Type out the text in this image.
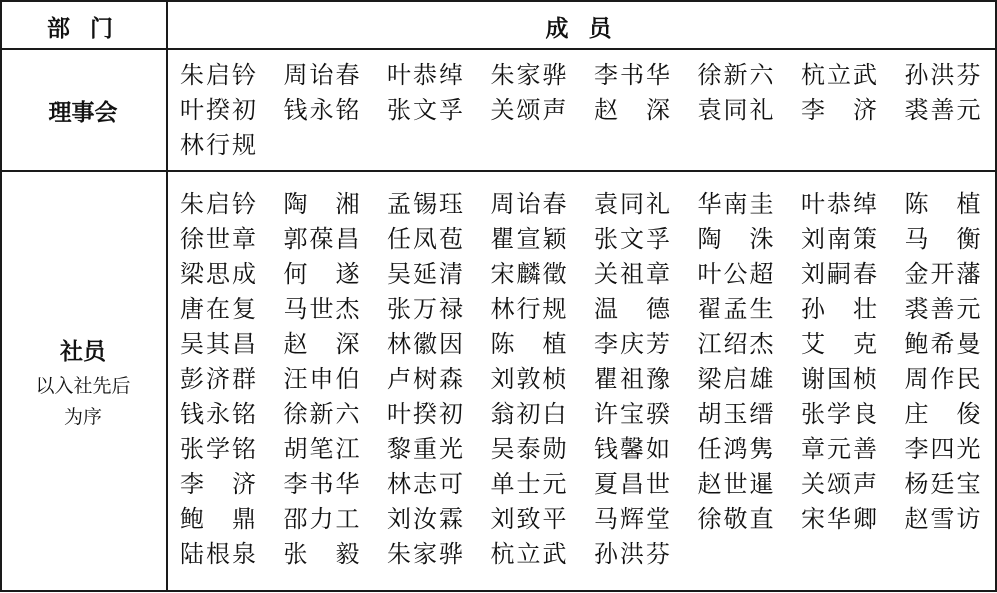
部 门	成 员
理事会
朱启钤 周诒春 叶恭绰 朱家骅 李书华 徐新六 杭立武 孙洪芬
叶揆初 钱永铭 张文孚 关颂声 赵 深 袁同礼 李 济 裘善元
林行规
社员
以入社先后
为序
朱启钤 陶 湘 孟锡珏 周诒春 袁同礼 华南圭 叶恭绰 陈 植
徐世章 郭葆昌 任凤苞 瞿宣颖 张文孚 陶 洙 刘南策 马 衡
梁思成 何 遂 吴延清 宋麟徵 关祖章 叶公超 刘嗣春 金开藩
唐在复 马世杰 张万禄 林行规 温 德 翟孟生 孙 壮 裘善元
吴其昌 赵 深 林徽因 陈 植 李庆芳 江绍杰 艾 克 鲍希曼
彭济群 汪申伯 卢树森 刘敦桢 瞿祖豫 梁启雄 谢国桢 周作民
钱永铭 徐新六 叶揆初 翁初白 许宝骙 胡玉缙 张学良 庄 俊
张学铭 胡笔江 黎重光 吴泰勋 钱馨如 任鸿隽 章元善 李四光
李 济 李书华 林志可 单士元 夏昌世 赵世暹 关颂声 杨廷宝
鲍 鼎 邵力工 刘汝霖 刘致平 马辉堂 徐敬直 宋华卿 赵雪访
陆根泉 张 毅 朱家骅 杭立武 孙洪芬
